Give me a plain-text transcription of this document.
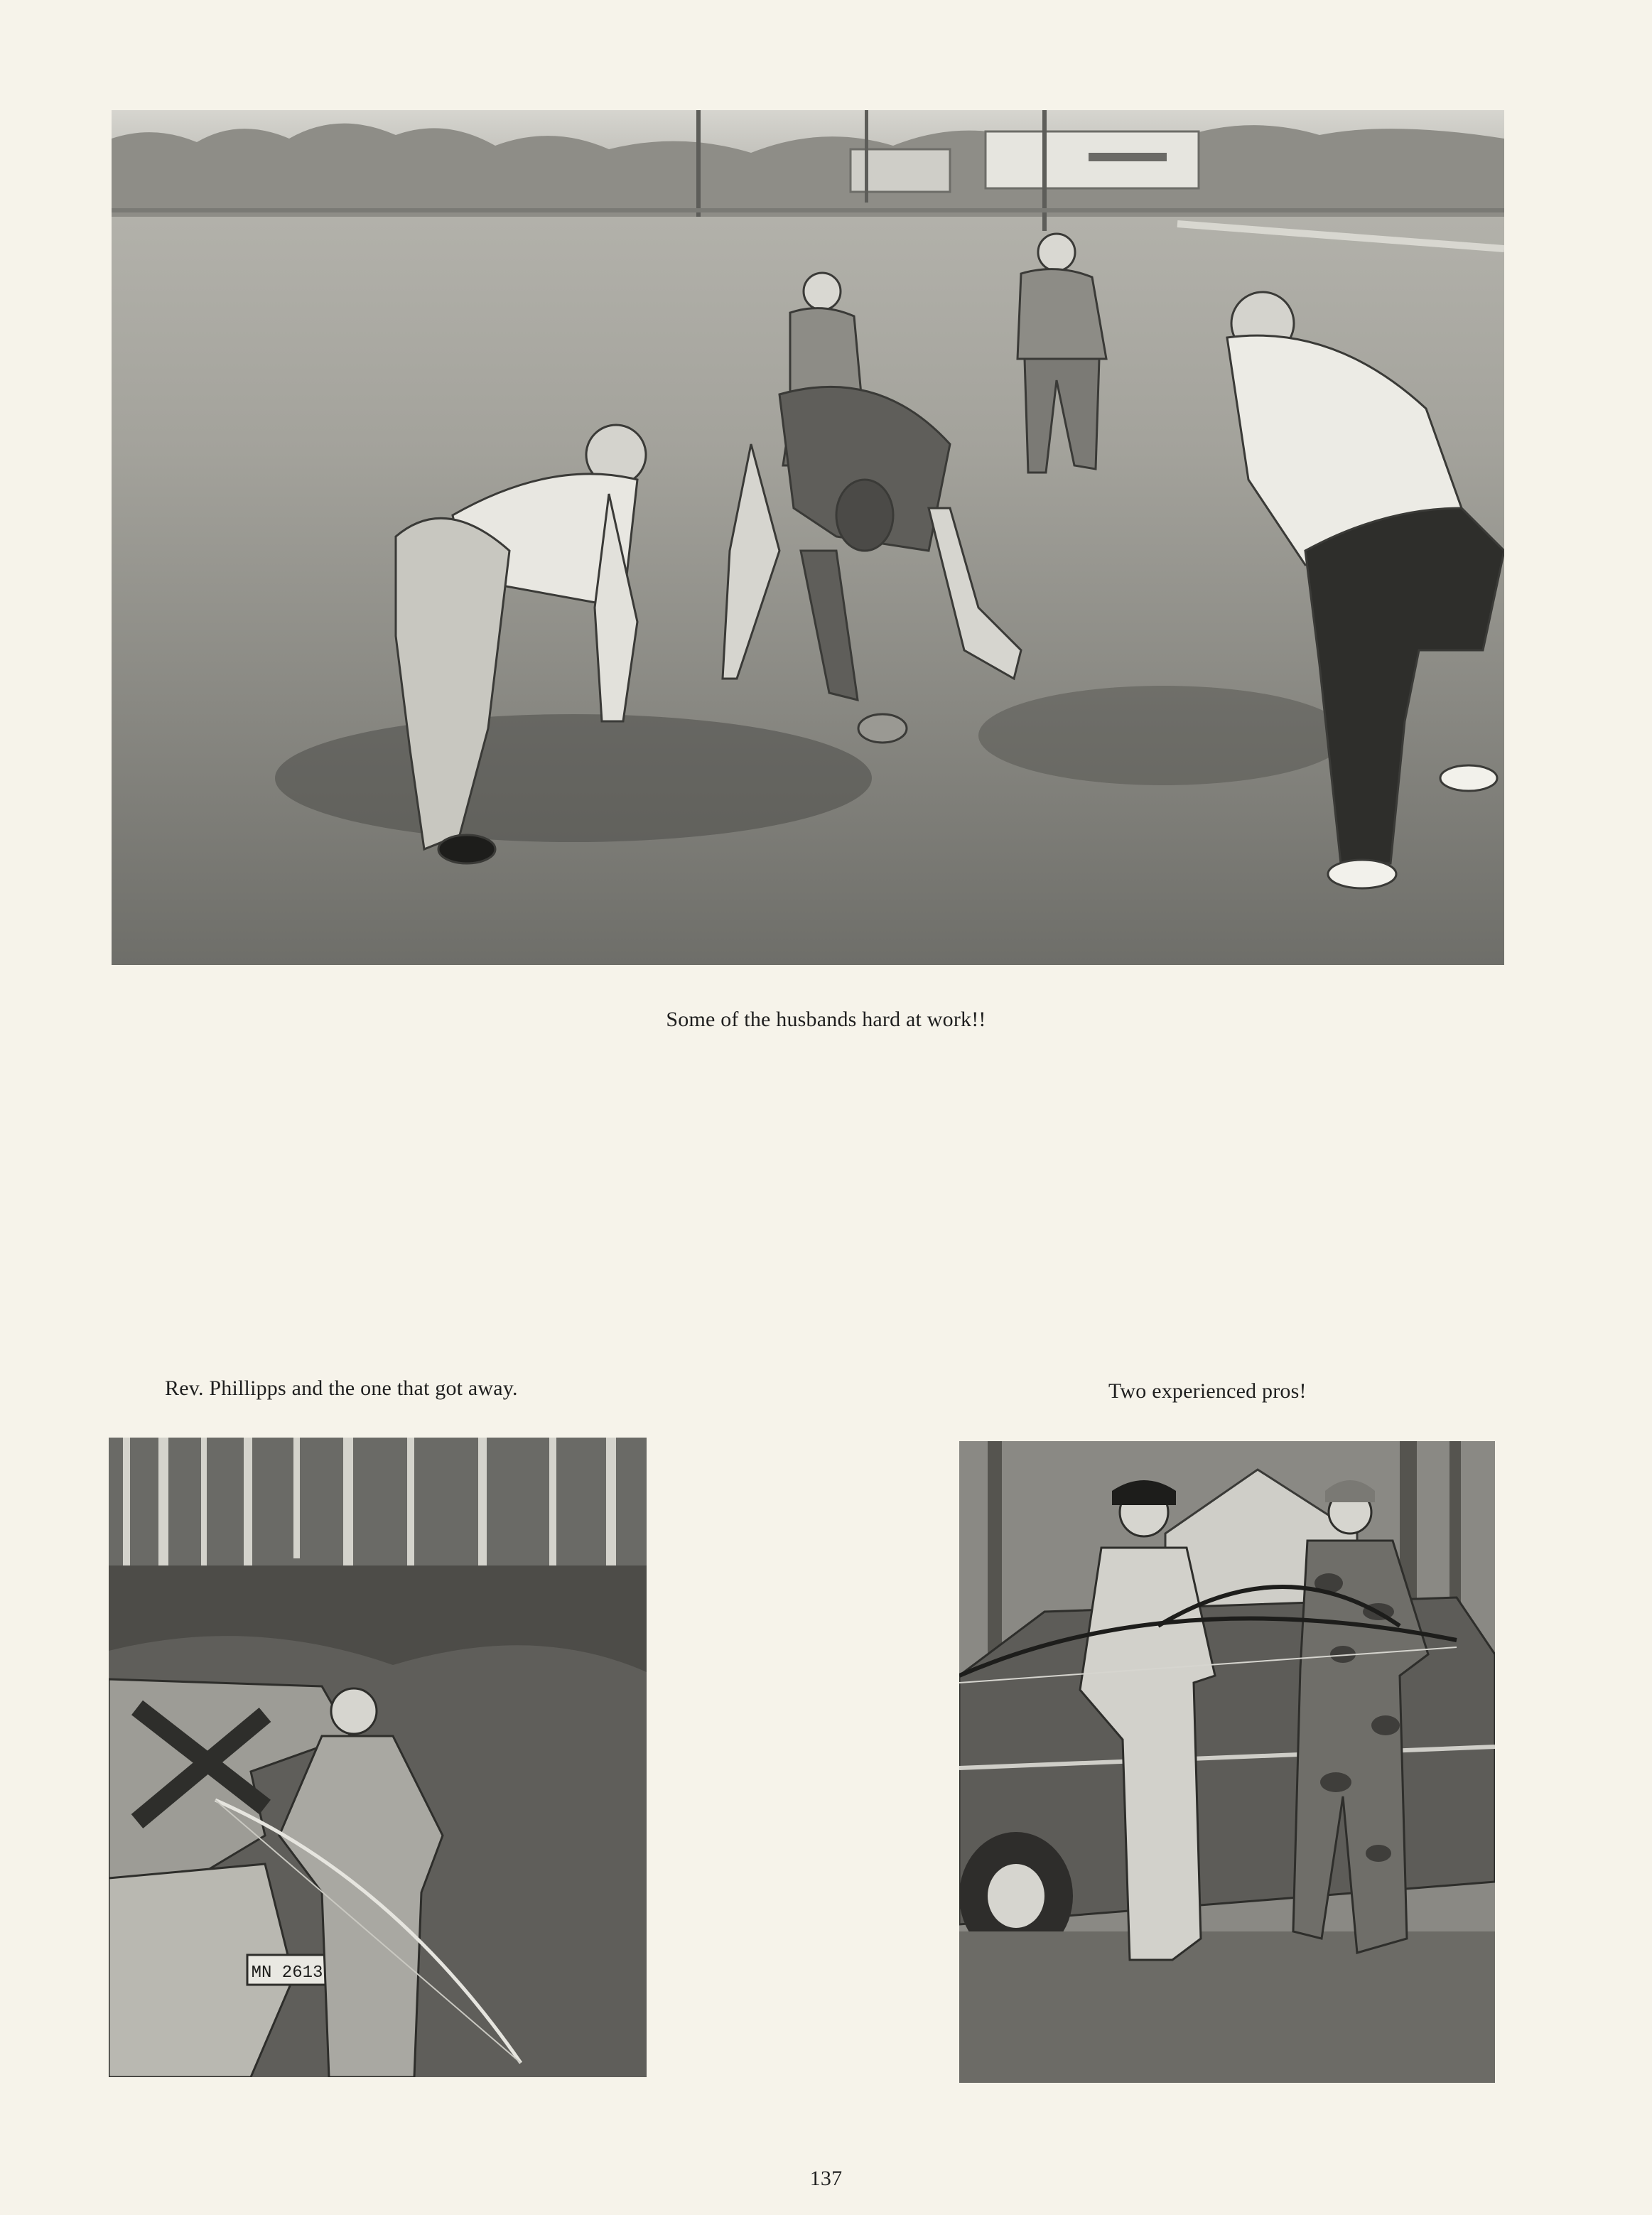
Some of the husbands hard at work!!
Rev. Phillipps and the one that got away.	Two experienced pros!
MN 2613
137
